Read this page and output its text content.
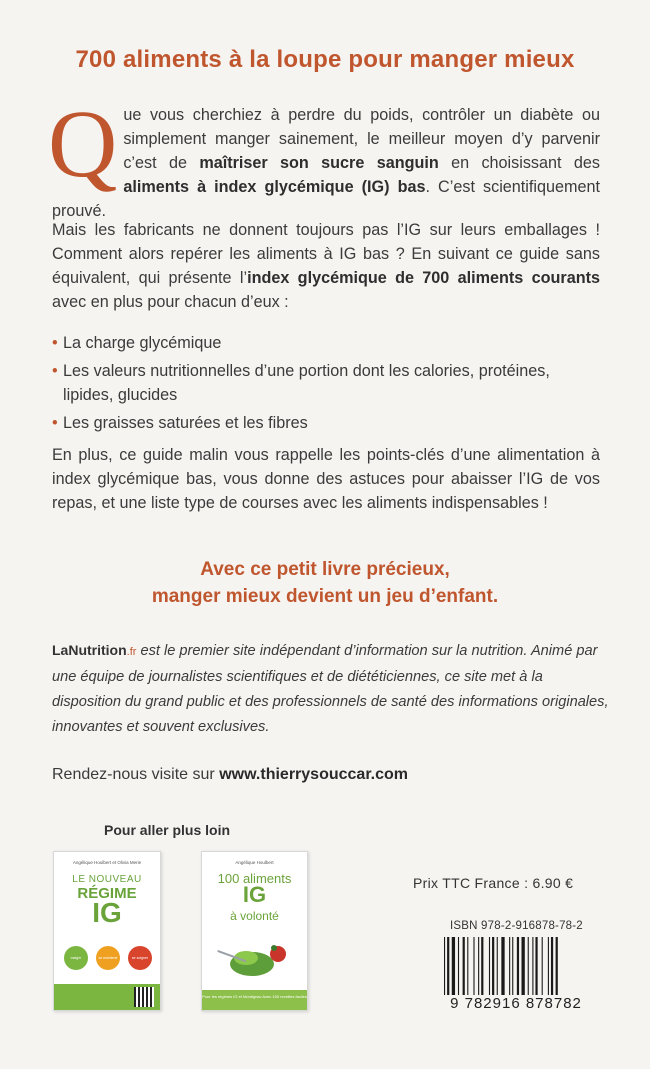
700 aliments à la loupe pour manger mieux
Q ue vous cherchiez à perdre du poids, contrôler un diabète ou simplement manger sainement, le meilleur moyen d’y parvenir c’est de maîtriser son sucre sanguin en choisissant des aliments à index glycémique (IG) bas. C’est scientifiquement prouvé.
Mais les fabricants ne donnent toujours pas l’IG sur leurs emballages ! Comment alors repérer les aliments à IG bas ? En suivant ce guide sans équivalent, qui présente l’index glycémique de 700 aliments courants avec en plus pour chacun d’eux :
• La charge glycémique
• Les valeurs nutritionnelles d’une portion dont les calories, protéines, lipides, glucides
• Les graisses saturées et les fibres
En plus, ce guide malin vous rappelle les points-clés d’une alimentation à index glycémique bas, vous donne des astuces pour abaisser l’IG de vos repas, et une liste type de courses avec les aliments indispensables !
Avec ce petit livre précieux,
manger mieux devient un jeu d’enfant.
LaNutrition.fr est le premier site indépendant d’information sur la nutrition. Animé par une équipe de journalistes scientifiques et de diététiciennes, ce site met à la disposition du grand public et des professionnels de santé des informations originales, innovantes et souvent exclusives.
Rendez-nous visite sur www.thierrysouccar.com
Pour aller plus loin
Angélique Houlbert et Olivia Merie
LE NOUVEAU
RÉGIME
IG
maigrir	se maintenir	se soigner
Angélique Houlbert
100 aliments
IG
à volonté
Pour les régimes IG et Montignac Avec 100 recettes faciles
Prix TTC France : 6.90 €
ISBN 978-2-916878-78-2
9 782916 878782
